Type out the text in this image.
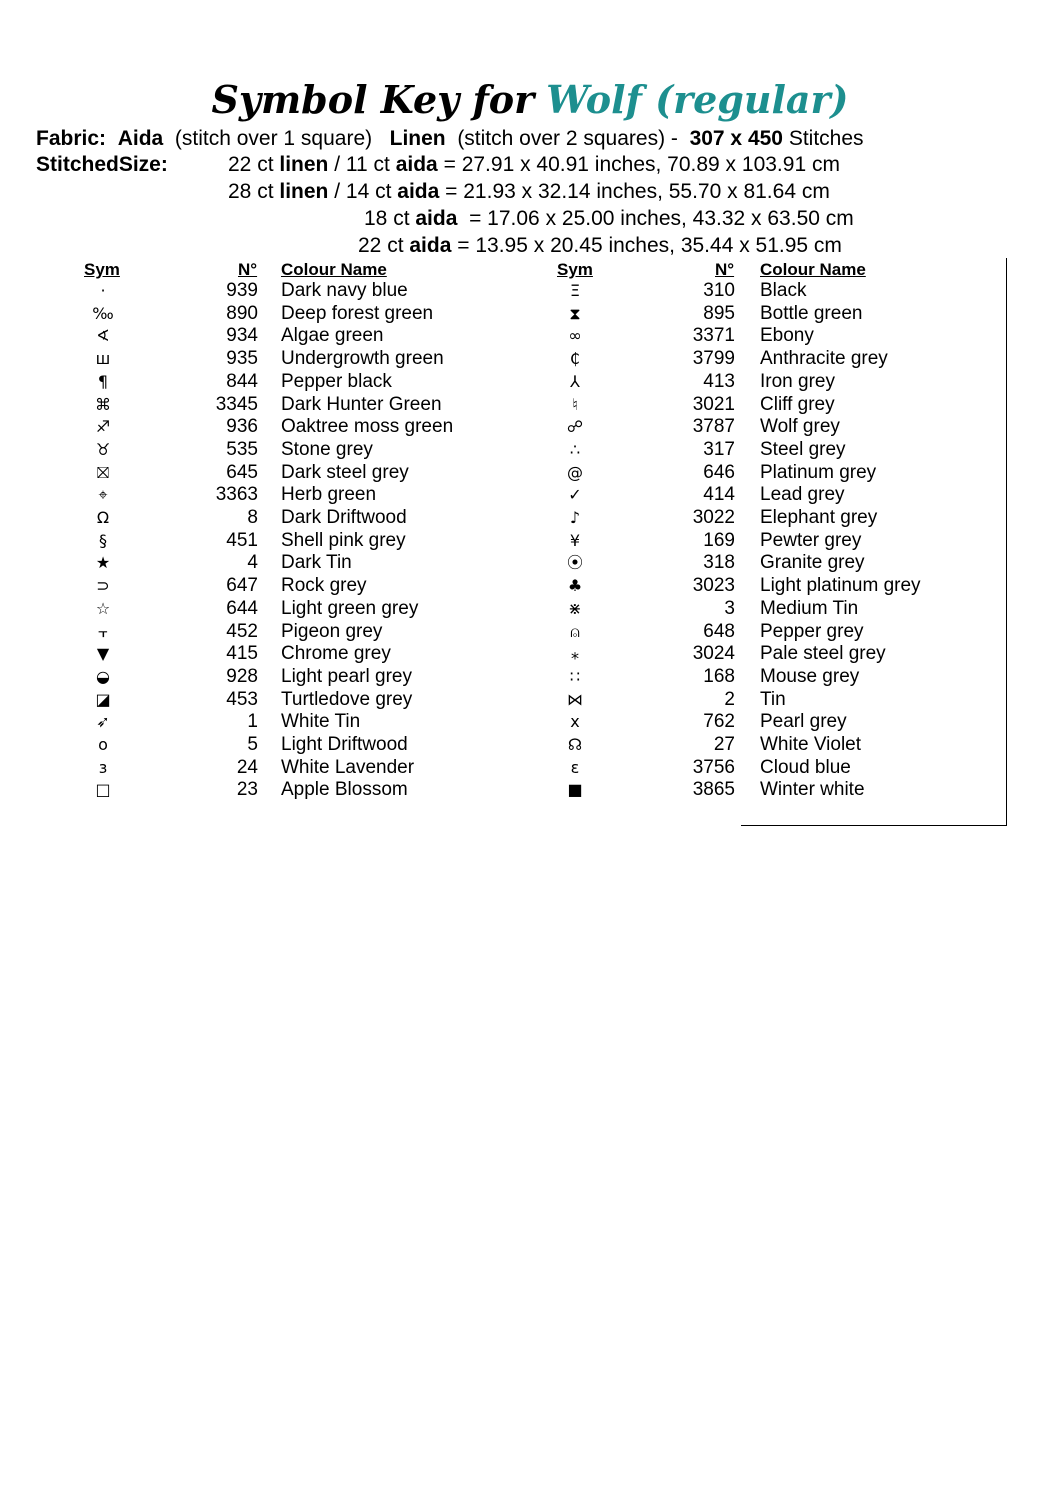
Symbol Key for Wolf (regular)
Fabric: Aida (stitch over 1 square) Linen (stitch over 2 squares) - 307 x 450 Stitches
StitchedSize:	22 ct linen / 11 ct aida = 27.91 x 40.91 inches, 70.89 x 103.91 cm
28 ct linen / 14 ct aida = 21.93 x 32.14 inches, 55.70 x 81.64 cm
18 ct aida  = 17.06 x 25.00 inches, 43.32 x 63.50 cm
22 ct aida = 13.95 x 20.45 inches, 35.44 x 51.95 cm
Sym	N° Colour Name	Sym	N° Colour Name
·	939 Dark navy blue
‰	890 Deep forest green
∢	934 Algae green
ш	935 Undergrowth green
¶	844 Pepper black
⌘	3345 Dark Hunter Green
♐	936 Oaktree moss green
♉	535 Stone grey
⛝	645 Dark steel grey
⌖	3363 Herb green
Ω	8 Dark Driftwood
§	451 Shell pink grey
★	4 Dark Tin
⊃	647 Rock grey
☆	644 Light green grey
⫟	452 Pigeon grey
▼	415 Chrome grey
◒	928 Light pearl grey
◪	453 Turtledove grey
➶	1 White Tin
o	5 Light Driftwood
ɜ	24 White Lavender
□	23 Apple Blossom
Ξ	310 Black
⧗	895 Bottle green
∞	3371 Ebony
₵	3799 Anthracite grey
⅄	413 Iron grey
♮	3021 Cliff grey
☍	3787 Wolf grey
∴	317 Steel grey
@	646 Platinum grey
✓	414 Lead grey
♪	3022 Elephant grey
¥	169 Pewter grey
⦿	318 Granite grey
♣	3023 Light platinum grey
⋇	3 Medium Tin
⍝	648 Pepper grey
⁎	3024 Pale steel grey
∷	168 Mouse grey
⋈	2 Tin
x	762 Pearl grey
☊	27 White Violet
ε	3756 Cloud blue
■	3865 Winter white
